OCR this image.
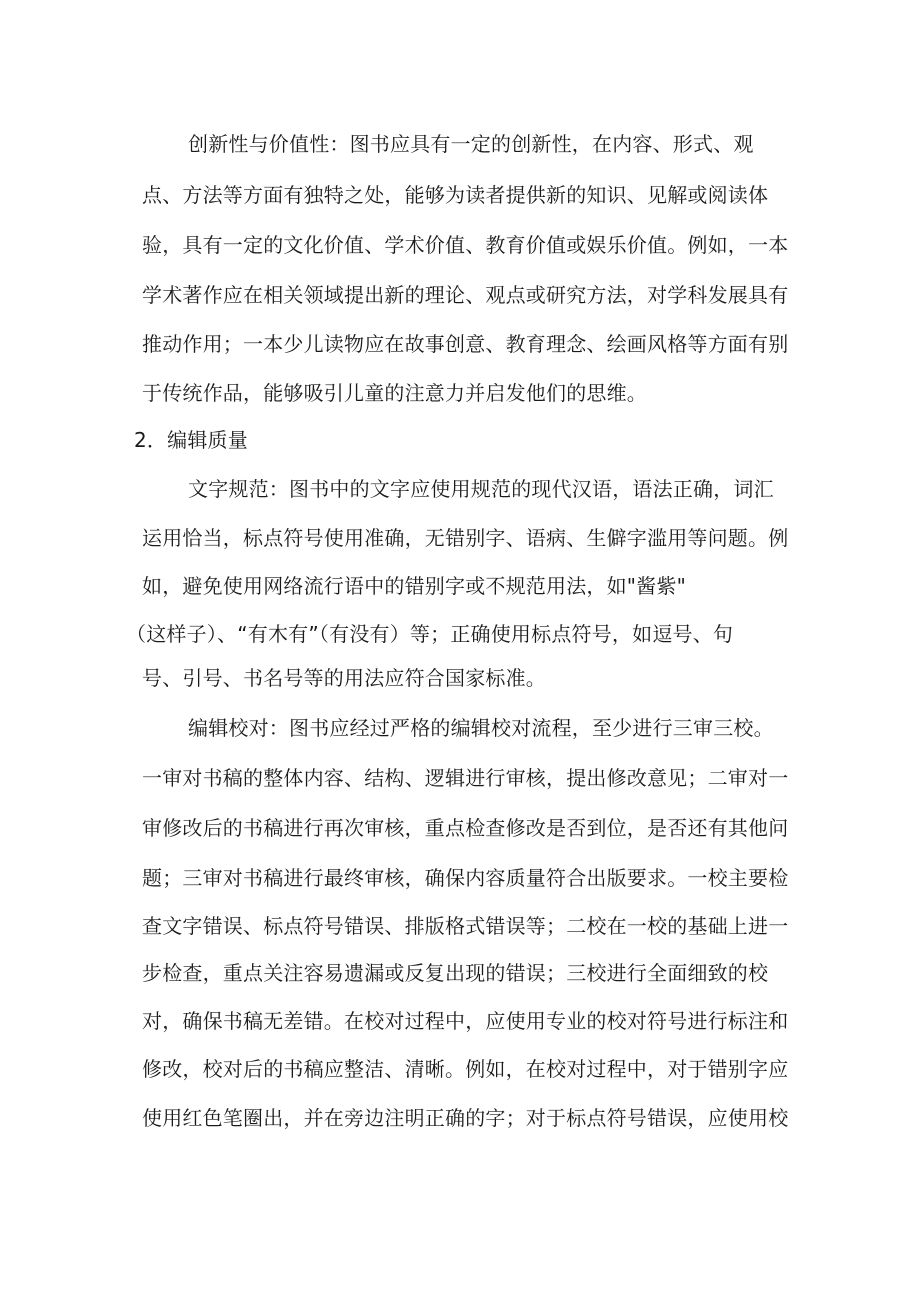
创新性与价值性：图书应具有一定的创新性，在内容、形式、观
点、方法等方面有独特之处，能够为读者提供新的知识、见解或阅读体
验，具有一定的文化价值、学术价值、教育价值或娱乐价值。例如，一本
学术著作应在相关领域提出新的理论、观点或研究方法，对学科发展具有
推动作用；一本少儿读物应在故事创意、教育理念、绘画风格等方面有别
于传统作品，能够吸引儿童的注意力并启发他们的思维。
2．编辑质量
文字规范：图书中的文字应使用规范的现代汉语，语法正确，词汇
运用恰当，标点符号使用准确，无错别字、语病、生僻字滥用等问题。例
如，避免使用网络流行语中的错别字或不规范用法，如"酱紫"
（这样子）、“有木有”（有没有）等；正确使用标点符号，如逗号、句
号、引号、书名号等的用法应符合国家标准。
编辑校对：图书应经过严格的编辑校对流程，至少进行三审三校。
一审对书稿的整体内容、结构、逻辑进行审核，提出修改意见；二审对一
审修改后的书稿进行再次审核，重点检查修改是否到位，是否还有其他问
题；三审对书稿进行最终审核，确保内容质量符合出版要求。一校主要检
查文字错误、标点符号错误、排版格式错误等；二校在一校的基础上进一
步检查，重点关注容易遗漏或反复出现的错误；三校进行全面细致的校
对，确保书稿无差错。在校对过程中，应使用专业的校对符号进行标注和
修改，校对后的书稿应整洁、清晰。例如，在校对过程中，对于错别字应
使用红色笔圈出，并在旁边注明正确的字；对于标点符号错误，应使用校
